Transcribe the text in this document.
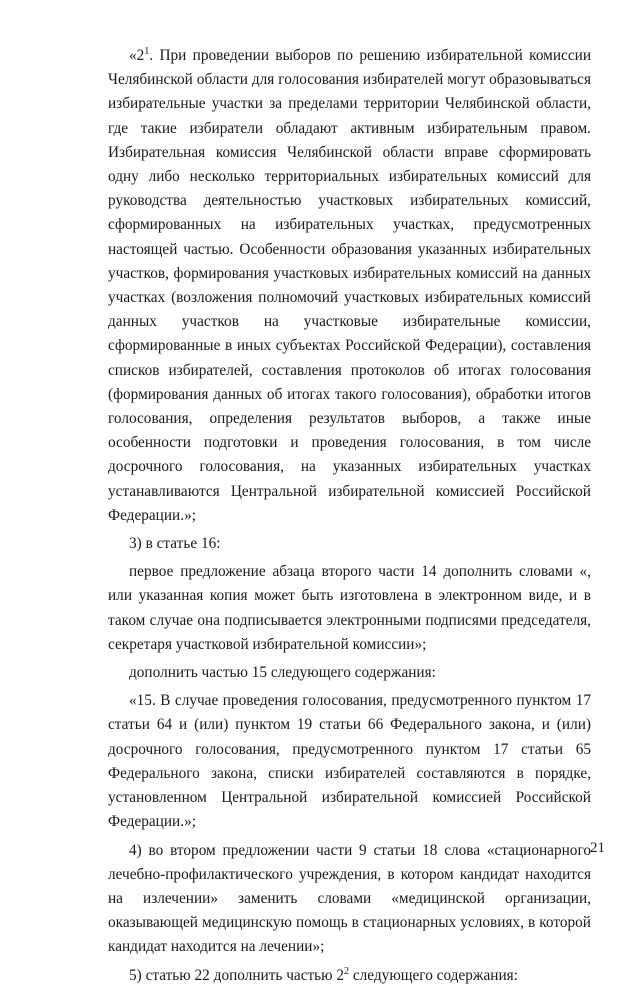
«$2^1$. При проведении выборов по решению избирательной комиссии Челябинской области для голосования избирателей могут образовываться избирательные участки за пределами территории Челябинской области, где такие избиратели обладают активным избирательным правом. Избирательная комиссия Челябинской области вправе сформировать одну либо несколько территориальных избирательных комиссий для руководства деятельностью участковых избирательных комиссий, сформированных на избирательных участках, предусмотренных настоящей частью. Особенности образования указанных избирательных участков, формирования участковых избирательных комиссий на данных участках (возложения полномочий участковых избирательных комиссий данных участков на участковые избирательные комиссии, сформированные в иных субъектах Российской Федерации), составления списков избирателей, составления протоколов об итогах голосования (формирования данных об итогах такого голосования), обработки итогов голосования, определения результатов выборов, а также иные особенности подготовки и проведения голосования, в том числе досрочного голосования, на указанных избирательных участках устанавливаются Центральной избирательной комиссией Российской Федерации.»;

3) в статье 16:

первое предложение абзаца второго части 14 дополнить словами «, или указанная копия может быть изготовлена в электронном виде, и в таком случае она подписывается электронными подписями председателя, секретаря участковой избирательной комиссии»;

дополнить частью 15 следующего содержания:

«15. В случае проведения голосования, предусмотренного пунктом 17 статьи 64 и (или) пунктом 19 статьи 66 Федерального закона, и (или) досрочного голосования, предусмотренного пунктом 17 статьи 65 Федерального закона, списки избирателей составляются в порядке, установленном Центральной избирательной комиссией Российской Федерации.»;

4) во втором предложении части 9 статьи 18 слова «стационарного лечебно-профилактического учреждения, в котором кандидат находится на излечении» заменить словами «медицинской организации, оказывающей медицинскую помощь в стационарных условиях, в которой кандидат находится на лечении»;

5) статью 22 дополнить частью $2^2$ следующего содержания:

21
